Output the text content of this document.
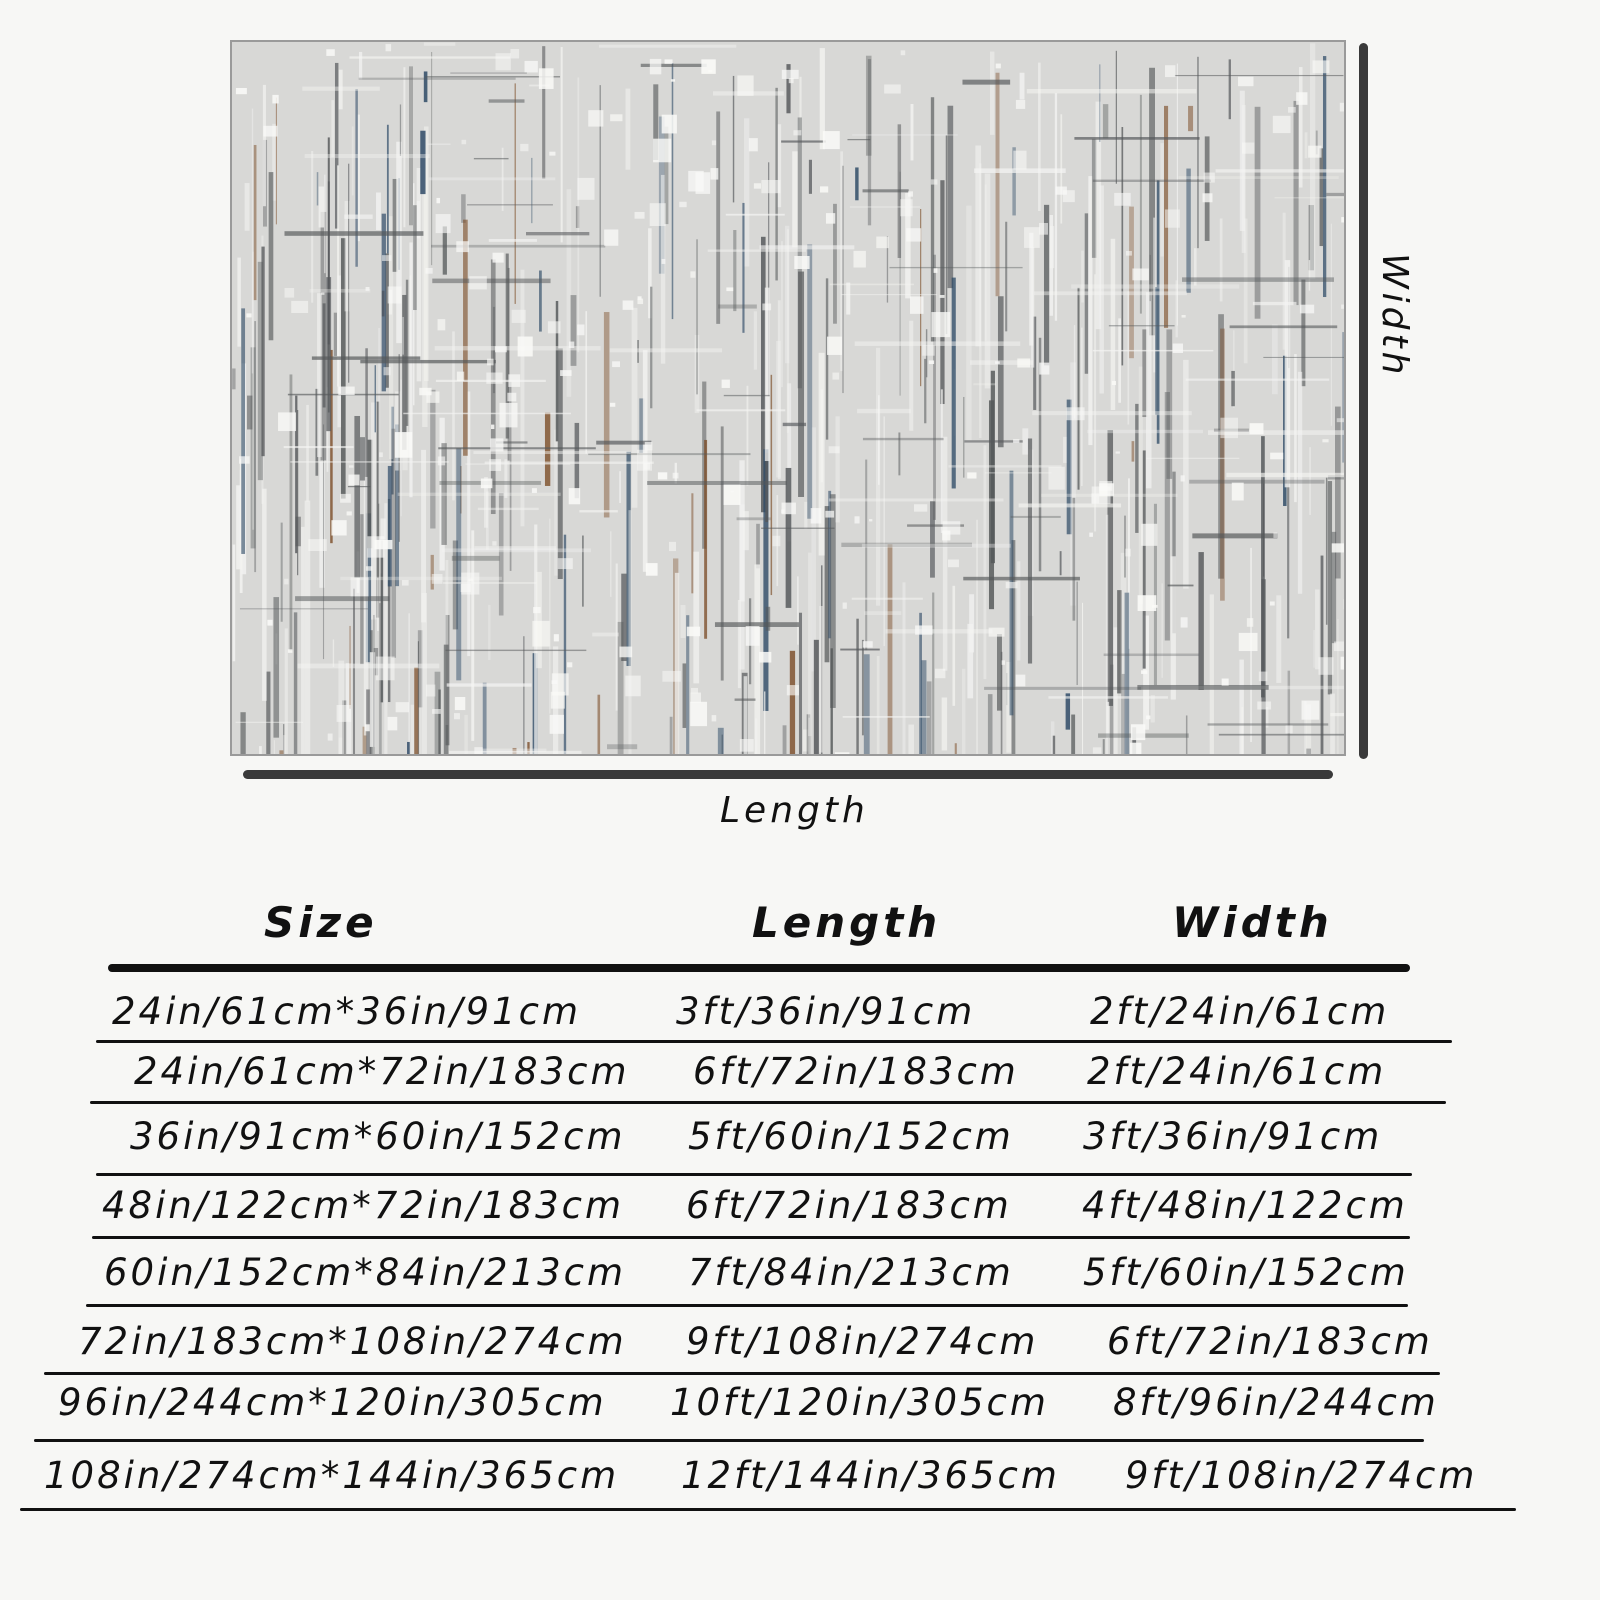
Length
Width
Size	Length	Width
24in/61cm*36in/91cm	3ft/36in/91cm	2ft/24in/61cm
24in/61cm*72in/183cm 6ft/72in/183cm 2ft/24in/61cm
36in/91cm*60in/152cm 5ft/60in/152cm 3ft/36in/91cm
48in/122cm*72in/183cm 6ft/72in/183cm 4ft/48in/122cm
60in/152cm*84in/213cm 7ft/84in/213cm 5ft/60in/152cm
72in/183cm*108in/274cm 9ft/108in/274cm 6ft/72in/183cm
96in/244cm*120in/305cm 10ft/120in/305cm 8ft/96in/244cm
108in/274cm*144in/365cm 12ft/144in/365cm 9ft/108in/274cm
